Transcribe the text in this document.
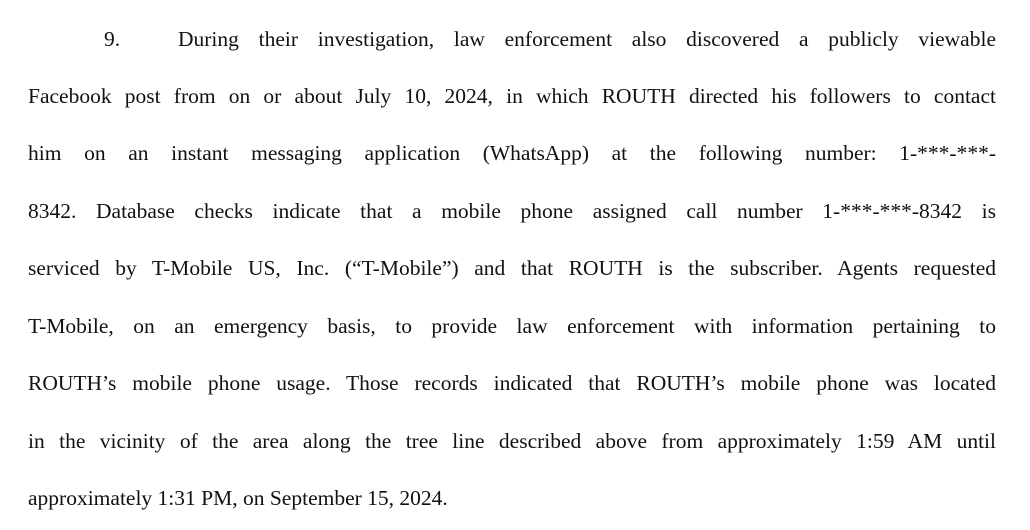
9.	During their investigation, law enforcement also discovered a publicly viewable
Facebook post from on or about July 10, 2024, in which ROUTH directed his followers to contact
him on an instant messaging application (WhatsApp) at the following number: 1-***-***-
8342. Database checks indicate that a mobile phone assigned call number 1-***-***-8342 is
serviced by T-Mobile US, Inc. (“T-Mobile”) and that ROUTH is the subscriber. Agents requested
T-Mobile, on an emergency basis, to provide law enforcement with information pertaining to
ROUTH’s mobile phone usage. Those records indicated that ROUTH’s mobile phone was located
in the vicinity of the area along the tree line described above from approximately 1:59 AM until
approximately 1:31 PM, on September 15, 2024.
